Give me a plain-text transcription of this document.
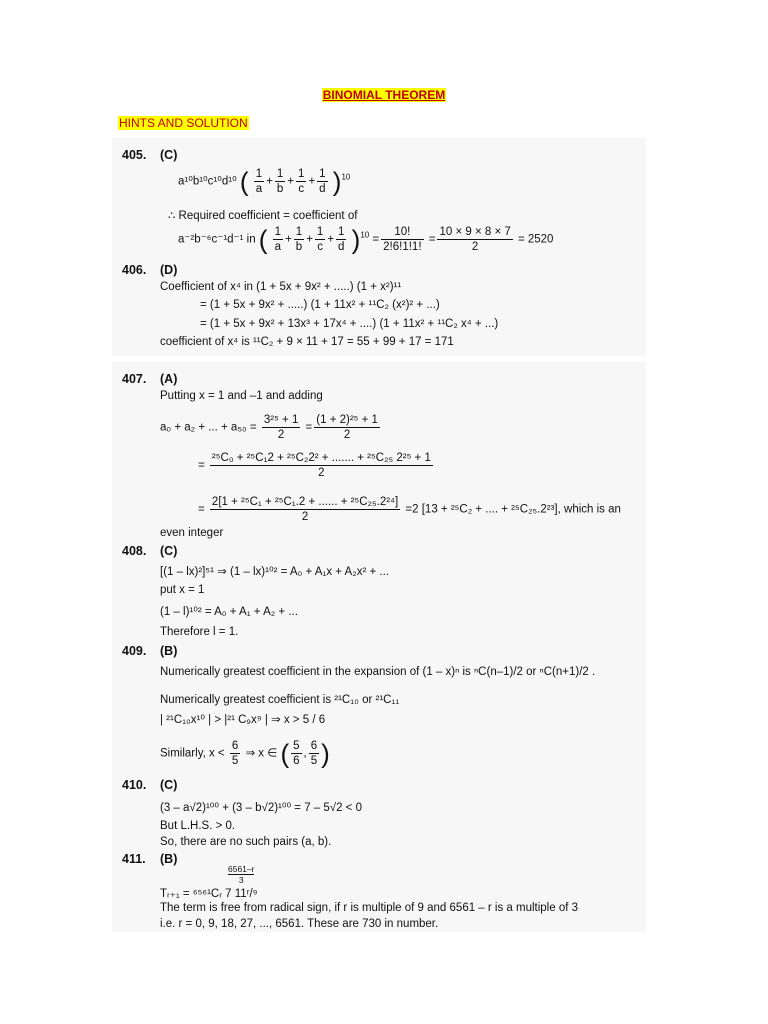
BINOMIAL THEOREM
HINTS AND SOLUTION
405. (C)
a¹⁰b¹⁰c¹⁰d¹⁰ ( $\frac{1}{a} + \frac{1}{b} + \frac{1}{c} + \frac{1}{d} )^{10}$
∴ Required coefficient = coefficient of
a⁻²b⁻⁶c⁻¹d⁻¹ in ( $\frac{1}{a} + \frac{1}{b} + \frac{1}{c} + \frac{1}{d} )^{10} = \frac{10!}{2!6!1!1!} = \frac{10 \times 9 \times 8 \times 7}{2} = 2520$
406. (D)
Coefficient of x⁴ in (1 + 5x + 9x² + .....) (1 + x²)¹¹
= (1 + 5x + 9x² + .....) (1 + 11x² + ¹¹C₂ (x²)² + ...)
= (1 + 5x + 9x² + 13x³ + 17x⁴ + ....) (1 + 11x² + ¹¹C₂ x⁴ + ...)
coefficient of x⁴ is ¹¹C₂ + 9 × 11 + 17 = 55 + 99 + 17 = 171
407. (A)
Putting x = 1 and –1 and adding
a₀ + a₂ + ... + $a_{50} = \frac{\text{3²⁵ + 1}}{2} = \frac{\text{(1 + 2)²⁵ + 1}}{2}$
= $\frac{\text{²⁵C₀ + ²⁵C₁2 + ²⁵C₂2² + ....... + ²⁵C₂₅ 2²⁵ + 1}}{2}$
= $\frac{\text{2[1 + ²⁵C₁ + ²⁵C₁.2 + ...... + ²⁵C₂₅.2²⁴]}}{2} =2$ [13 + ²⁵C₂ + .... + ²⁵C₂₅.2²³], which is an
even integer
408. (C)
[(1 – lx)²]⁵¹ ⇒ (1 – lx)¹⁰² = A₀ + A₁x + A₂x² + ...
put x = 1
(1 – l)¹⁰² = A₀ + A₁ + A₂ + ...
Therefore l = 1.
409. (B)
Numerically greatest coefficient in the expansion of (1 – x)ⁿ is ⁿC(n–1)/2 or ⁿC(n+1)/2 .
Numerically greatest coefficient is ²¹C₁₀ or ²¹C₁₁
| ²¹C₁₀x¹⁰ | > |²¹ C₉x⁹ | ⇒ x > 5 / 6
Similarly, $x < \frac{6}{5}$ ⇒ x ∈ ( $\frac{5}{6}$ , $\frac{6}{5}$ )
410. (C)
(3 – a√2)¹⁰⁰ + (3 – b√2)¹⁰⁰ = 7 – 5√2 < 0
But L.H.S. > 0.
So, there are no such pairs (a, b).
411. (B)
6561–r
3
Tᵣ₊₁ = ⁶⁵⁶¹Cᵣ 7 11ʳ/⁹
The term is free from radical sign, if r is multiple of 9 and 6561 – r is a multiple of 3
i.e. r = 0, 9, 18, 27, ..., 6561. These are 730 in number.
